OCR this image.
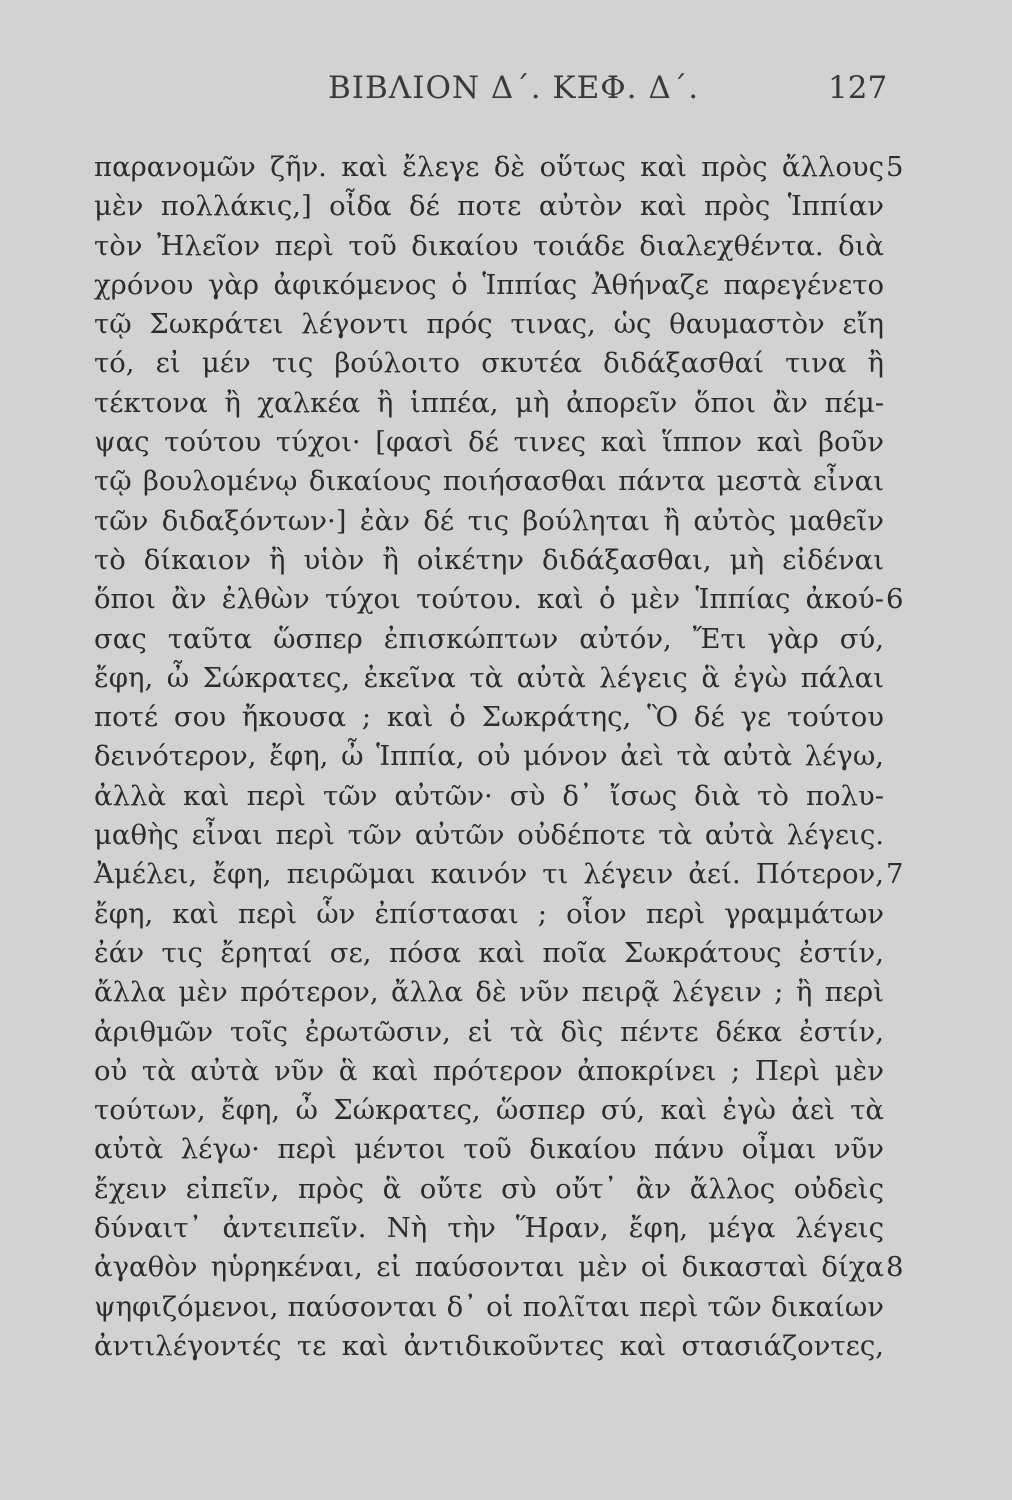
ΒΙΒΛΙΟΝ Δ΄. ΚΕΦ. Δ΄.	127
παρανομῶν ζῆν. καὶ ἔλεγε δὲ οὕτως καὶ πρὸς ἄλλους
μὲν πολλάκις,] οἶδα δέ ποτε αὐτὸν καὶ πρὸς Ἱππίαν
τὸν Ἠλεῖον περὶ τοῦ δικαίου τοιάδε διαλεχθέντα. διὰ
χρόνου γὰρ ἀφικόμενος ὁ Ἱππίας Ἀθήναζε παρεγένετο
τῷ Σωκράτει λέγοντι πρός τινας, ὡς θαυμαστὸν εἴη
τό, εἰ μέν τις βούλοιτο σκυτέα διδάξασθαί τινα ἢ
τέκτονα ἢ χαλκέα ἢ ἱππέα, μὴ ἀπορεῖν ὅποι ἂν πέμ-
ψας τούτου τύχοι· [φασὶ δέ τινες καὶ ἵππον καὶ βοῦν
τῷ βουλομένῳ δικαίους ποιήσασθαι πάντα μεστὰ εἶναι
τῶν διδαξόντων·] ἐὰν δέ τις βούληται ἢ αὐτὸς μαθεῖν
τὸ δίκαιον ἢ υἱὸν ἢ οἰκέτην διδάξασθαι, μὴ εἰδέναι
ὅποι ἂν ἐλθὼν τύχοι τούτου. καὶ ὁ μὲν Ἱππίας ἀκού-
σας ταῦτα ὥσπερ ἐπισκώπτων αὐτόν, Ἔτι γὰρ σύ,
ἔφη, ὦ Σώκρατες, ἐκεῖνα τὰ αὐτὰ λέγεις ἃ ἐγὼ πάλαι
ποτέ σου ἤκουσα ; καὶ ὁ Σωκράτης, Ὃ δέ γε τούτου
δεινότερον, ἔφη, ὦ Ἱππία, οὐ μόνον ἀεὶ τὰ αὐτὰ λέγω,
ἀλλὰ καὶ περὶ τῶν αὐτῶν· σὺ δ᾽ ἴσως διὰ τὸ πολυ-
μαθὴς εἶναι περὶ τῶν αὐτῶν οὐδέποτε τὰ αὐτὰ λέγεις.
Ἀμέλει, ἔφη, πειρῶμαι καινόν τι λέγειν ἀεί. Πότερον,
ἔφη, καὶ περὶ ὧν ἐπίστασαι ; οἷον περὶ γραμμάτων
ἐάν τις ἔρηταί σε, πόσα καὶ ποῖα Σωκράτους ἐστίν,
ἄλλα μὲν πρότερον, ἄλλα δὲ νῦν πειρᾷ λέγειν ; ἢ περὶ
ἀριθμῶν τοῖς ἐρωτῶσιν, εἰ τὰ δὶς πέντε δέκα ἐστίν,
οὐ τὰ αὐτὰ νῦν ἃ καὶ πρότερον ἀποκρίνει ; Περὶ μὲν
τούτων, ἔφη, ὦ Σώκρατες, ὥσπερ σύ, καὶ ἐγὼ ἀεὶ τὰ
αὐτὰ λέγω· περὶ μέντοι τοῦ δικαίου πάνυ οἶμαι νῦν
ἔχειν εἰπεῖν, πρὸς ἃ οὔτε σὺ οὔτ᾽ ἂν ἄλλος οὐδεὶς
δύναιτ᾽ ἀντειπεῖν. Νὴ τὴν Ἥραν, ἔφη, μέγα λέγεις
ἀγαθὸν ηὑρηκέναι, εἰ παύσονται μὲν οἱ δικασταὶ δίχα
ψηφιζόμενοι, παύσονται δ᾽ οἱ πολῖται περὶ τῶν δικαίων
ἀντιλέγοντές τε καὶ ἀντιδικοῦντες καὶ στασιάζοντες,
5
6
7
8
